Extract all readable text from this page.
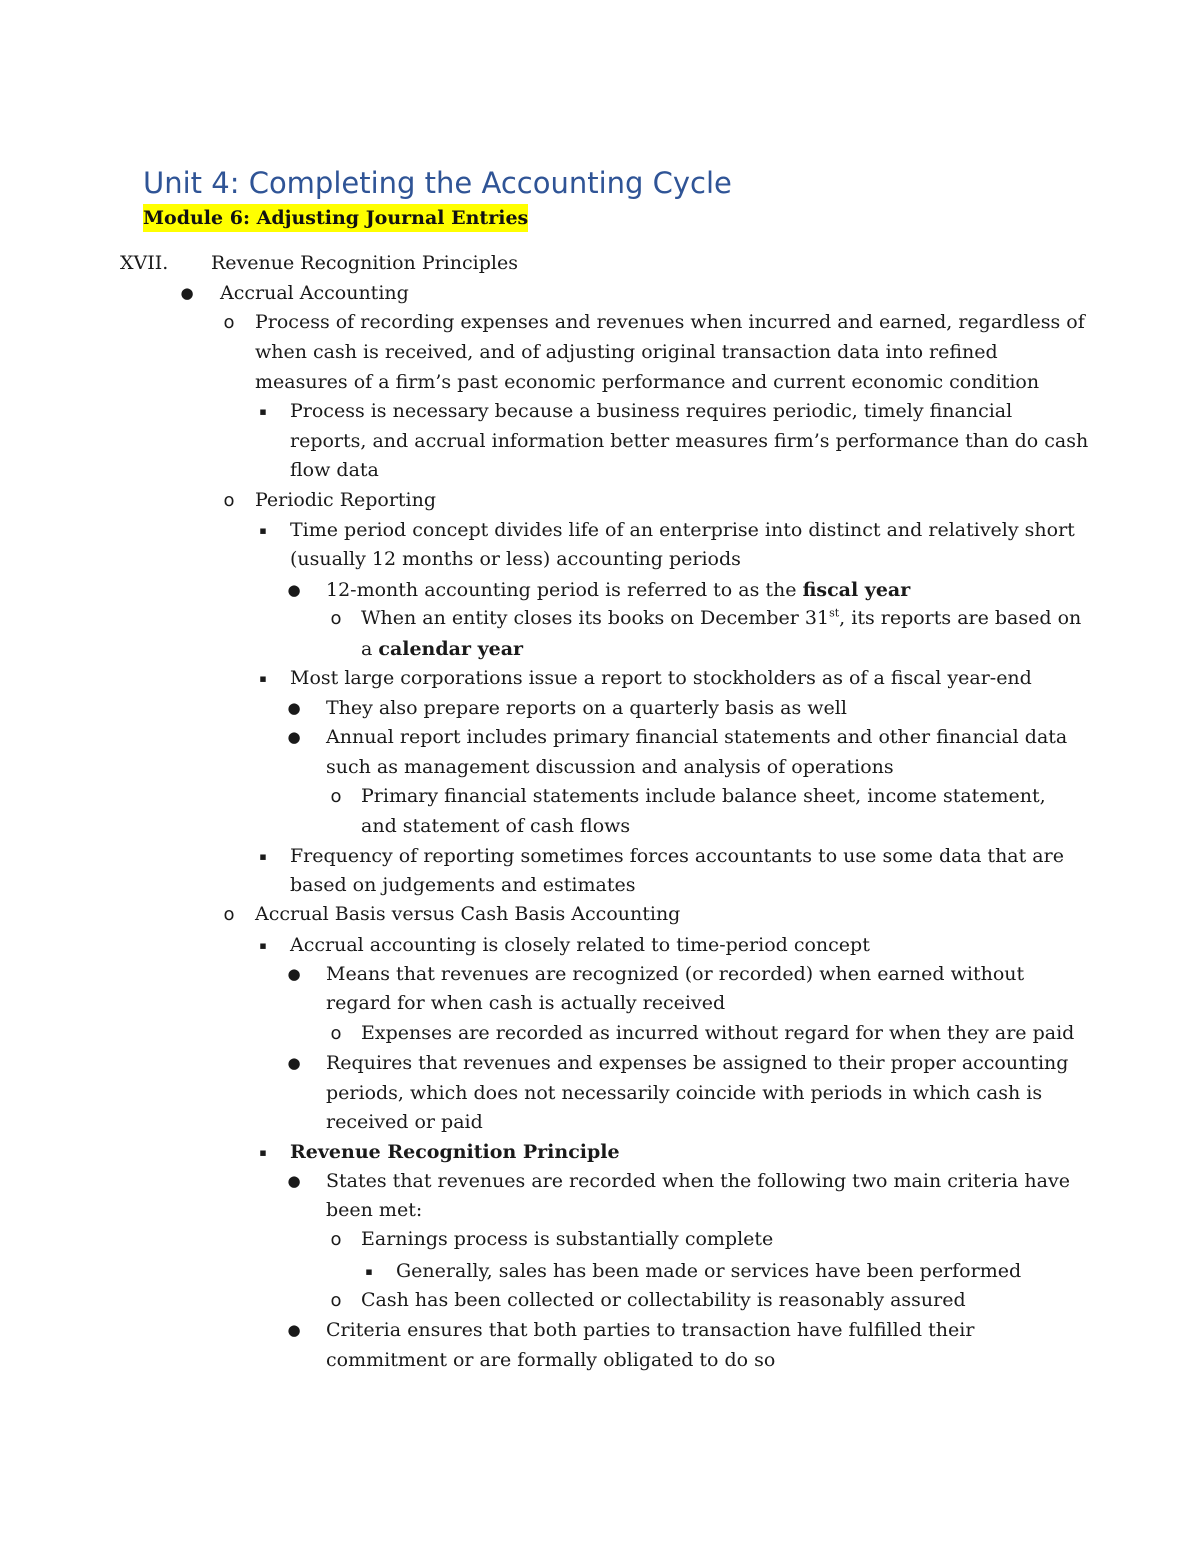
Unit 4: Completing the Accounting Cycle
Module 6: Adjusting Journal Entries
XVII. Revenue Recognition Principles
● Accrual Accounting
o Process of recording expenses and revenues when incurred and earned, regardless of
when cash is received, and of adjusting original transaction data into refined
measures of a firm’s past economic performance and current economic condition
▪	Process is necessary because a business requires periodic, timely financial
reports, and accrual information better measures firm’s performance than do cash
flow data
o Periodic Reporting
▪	Time period concept divides life of an enterprise into distinct and relatively short
(usually 12 months or less) accounting periods
● 12-month accounting period is referred to as the fiscal year
o When an entity closes its books on December 31st, its reports are based on
a calendar year
▪	Most large corporations issue a report to stockholders as of a fiscal year-end
● They also prepare reports on a quarterly basis as well
● Annual report includes primary financial statements and other financial data
such as management discussion and analysis of operations
o Primary financial statements include balance sheet, income statement,
and statement of cash flows
▪	Frequency of reporting sometimes forces accountants to use some data that are
based on judgements and estimates
o Accrual Basis versus Cash Basis Accounting
▪	Accrual accounting is closely related to time-period concept
● Means that revenues are recognized (or recorded) when earned without
regard for when cash is actually received
o Expenses are recorded as incurred without regard for when they are paid
● Requires that revenues and expenses be assigned to their proper accounting
periods, which does not necessarily coincide with periods in which cash is
received or paid
▪	Revenue Recognition Principle
● States that revenues are recorded when the following two main criteria have
been met:
o Earnings process is substantially complete
▪	Generally, sales has been made or services have been performed
o Cash has been collected or collectability is reasonably assured
● Criteria ensures that both parties to transaction have fulfilled their
commitment or are formally obligated to do so
